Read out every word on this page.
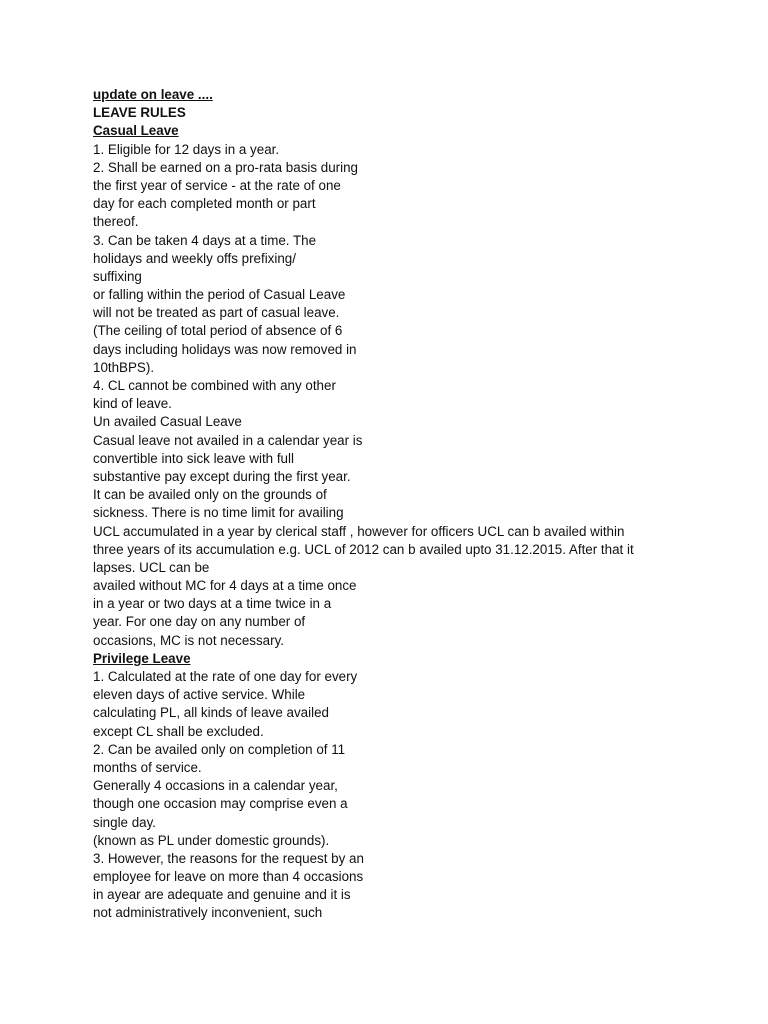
update on leave ....
LEAVE RULES
Casual Leave
1. Eligible for 12 days in a year.
2. Shall be earned on a pro-rata basis during
the first year of service - at the rate of one
day for each completed month or part
thereof.
3. Can be taken 4 days at a time. The
holidays and weekly offs prefixing/
suffixing
or falling within the period of Casual Leave
will not be treated as part of casual leave.
(The ceiling of total period of absence of 6
days including holidays was now removed in
10thBPS).
4. CL cannot be combined with any other
kind of leave.
Un availed Casual Leave
Casual leave not availed in a calendar year is
convertible into sick leave with full
substantive pay except during the first year.
It can be availed only on the grounds of
sickness. There is no time limit for availing
UCL accumulated in a year by clerical staff , however for officers UCL can b availed within
three years of its accumulation e.g. UCL of 2012 can b availed upto 31.12.2015. After that it
lapses. UCL can be
availed without MC for 4 days at a time once
in a year or two days at a time twice in a
year. For one day on any number of
occasions, MC is not necessary.
Privilege Leave
1. Calculated at the rate of one day for every
eleven days of active service. While
calculating PL, all kinds of leave availed
except CL shall be excluded.
2. Can be availed only on completion of 11
months of service.
Generally 4 occasions in a calendar year,
though one occasion may comprise even a
single day.
(known as PL under domestic grounds).
3. However, the reasons for the request by an
employee for leave on more than 4 occasions
in ayear are adequate and genuine and it is
not administratively inconvenient, such
